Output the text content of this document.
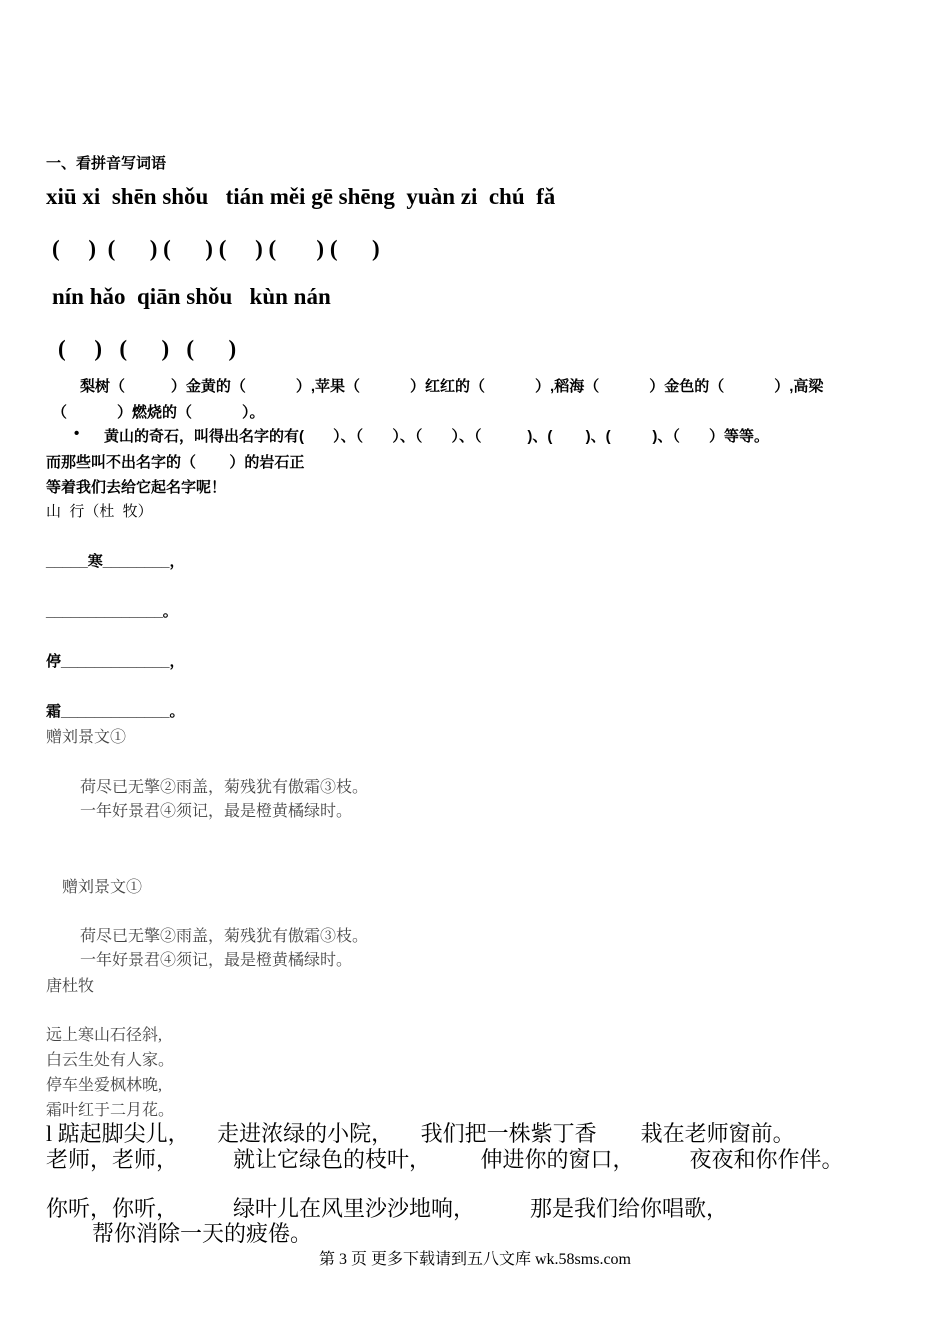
一、看拼音写词语
xiū xi  shēn shǒu   tián měi gē shēng  yuàn zi  chú  fǎ
(     )  (      ) (      ) (     ) (       ) (      )
nín hǎo  qiān shǒu   kùn nán
(     )   (      )   (      )
梨树（           ）金黄的（            ）,苹果（            ）红红的（            ）,稻海（            ）金色的（            ）,高梁
（            ）燃烧的（            ）。
• 黄山的奇石，叫得出名字的有(       ）、（       ）、（       ）、（           )、(        )、(          )、（       ）等等。
而那些叫不出名字的（        ）的岩石正
等着我们去给它起名字呢！
山  行（杜  牧）
_____寒________，
______________。
停_____________，
霜_____________。
赠刘景文①
荷尽已无擎②雨盖，菊残犹有傲霜③枝。
一年好景君④须记，最是橙黄橘绿时。
赠刘景文①
荷尽已无擎②雨盖，菊残犹有傲霜③枝。
一年好景君④须记，最是橙黄橘绿时。
唐杜牧
远上寒山石径斜,
白云生处有人家。
停车坐爱枫林晚,
霜叶红于二月花。
l 踮起脚尖儿，     走进浓绿的小院，     我们把一株紫丁香        栽在老师窗前。
老师，老师，          就让它绿色的枝叶，         伸进你的窗口，          夜夜和你作伴。
你听，你听，          绿叶儿在风里沙沙地响，          那是我们给你唱歌，
帮你消除一天的疲倦。
第 3 页 更多下载请到五八文库 wk.58sms.com
